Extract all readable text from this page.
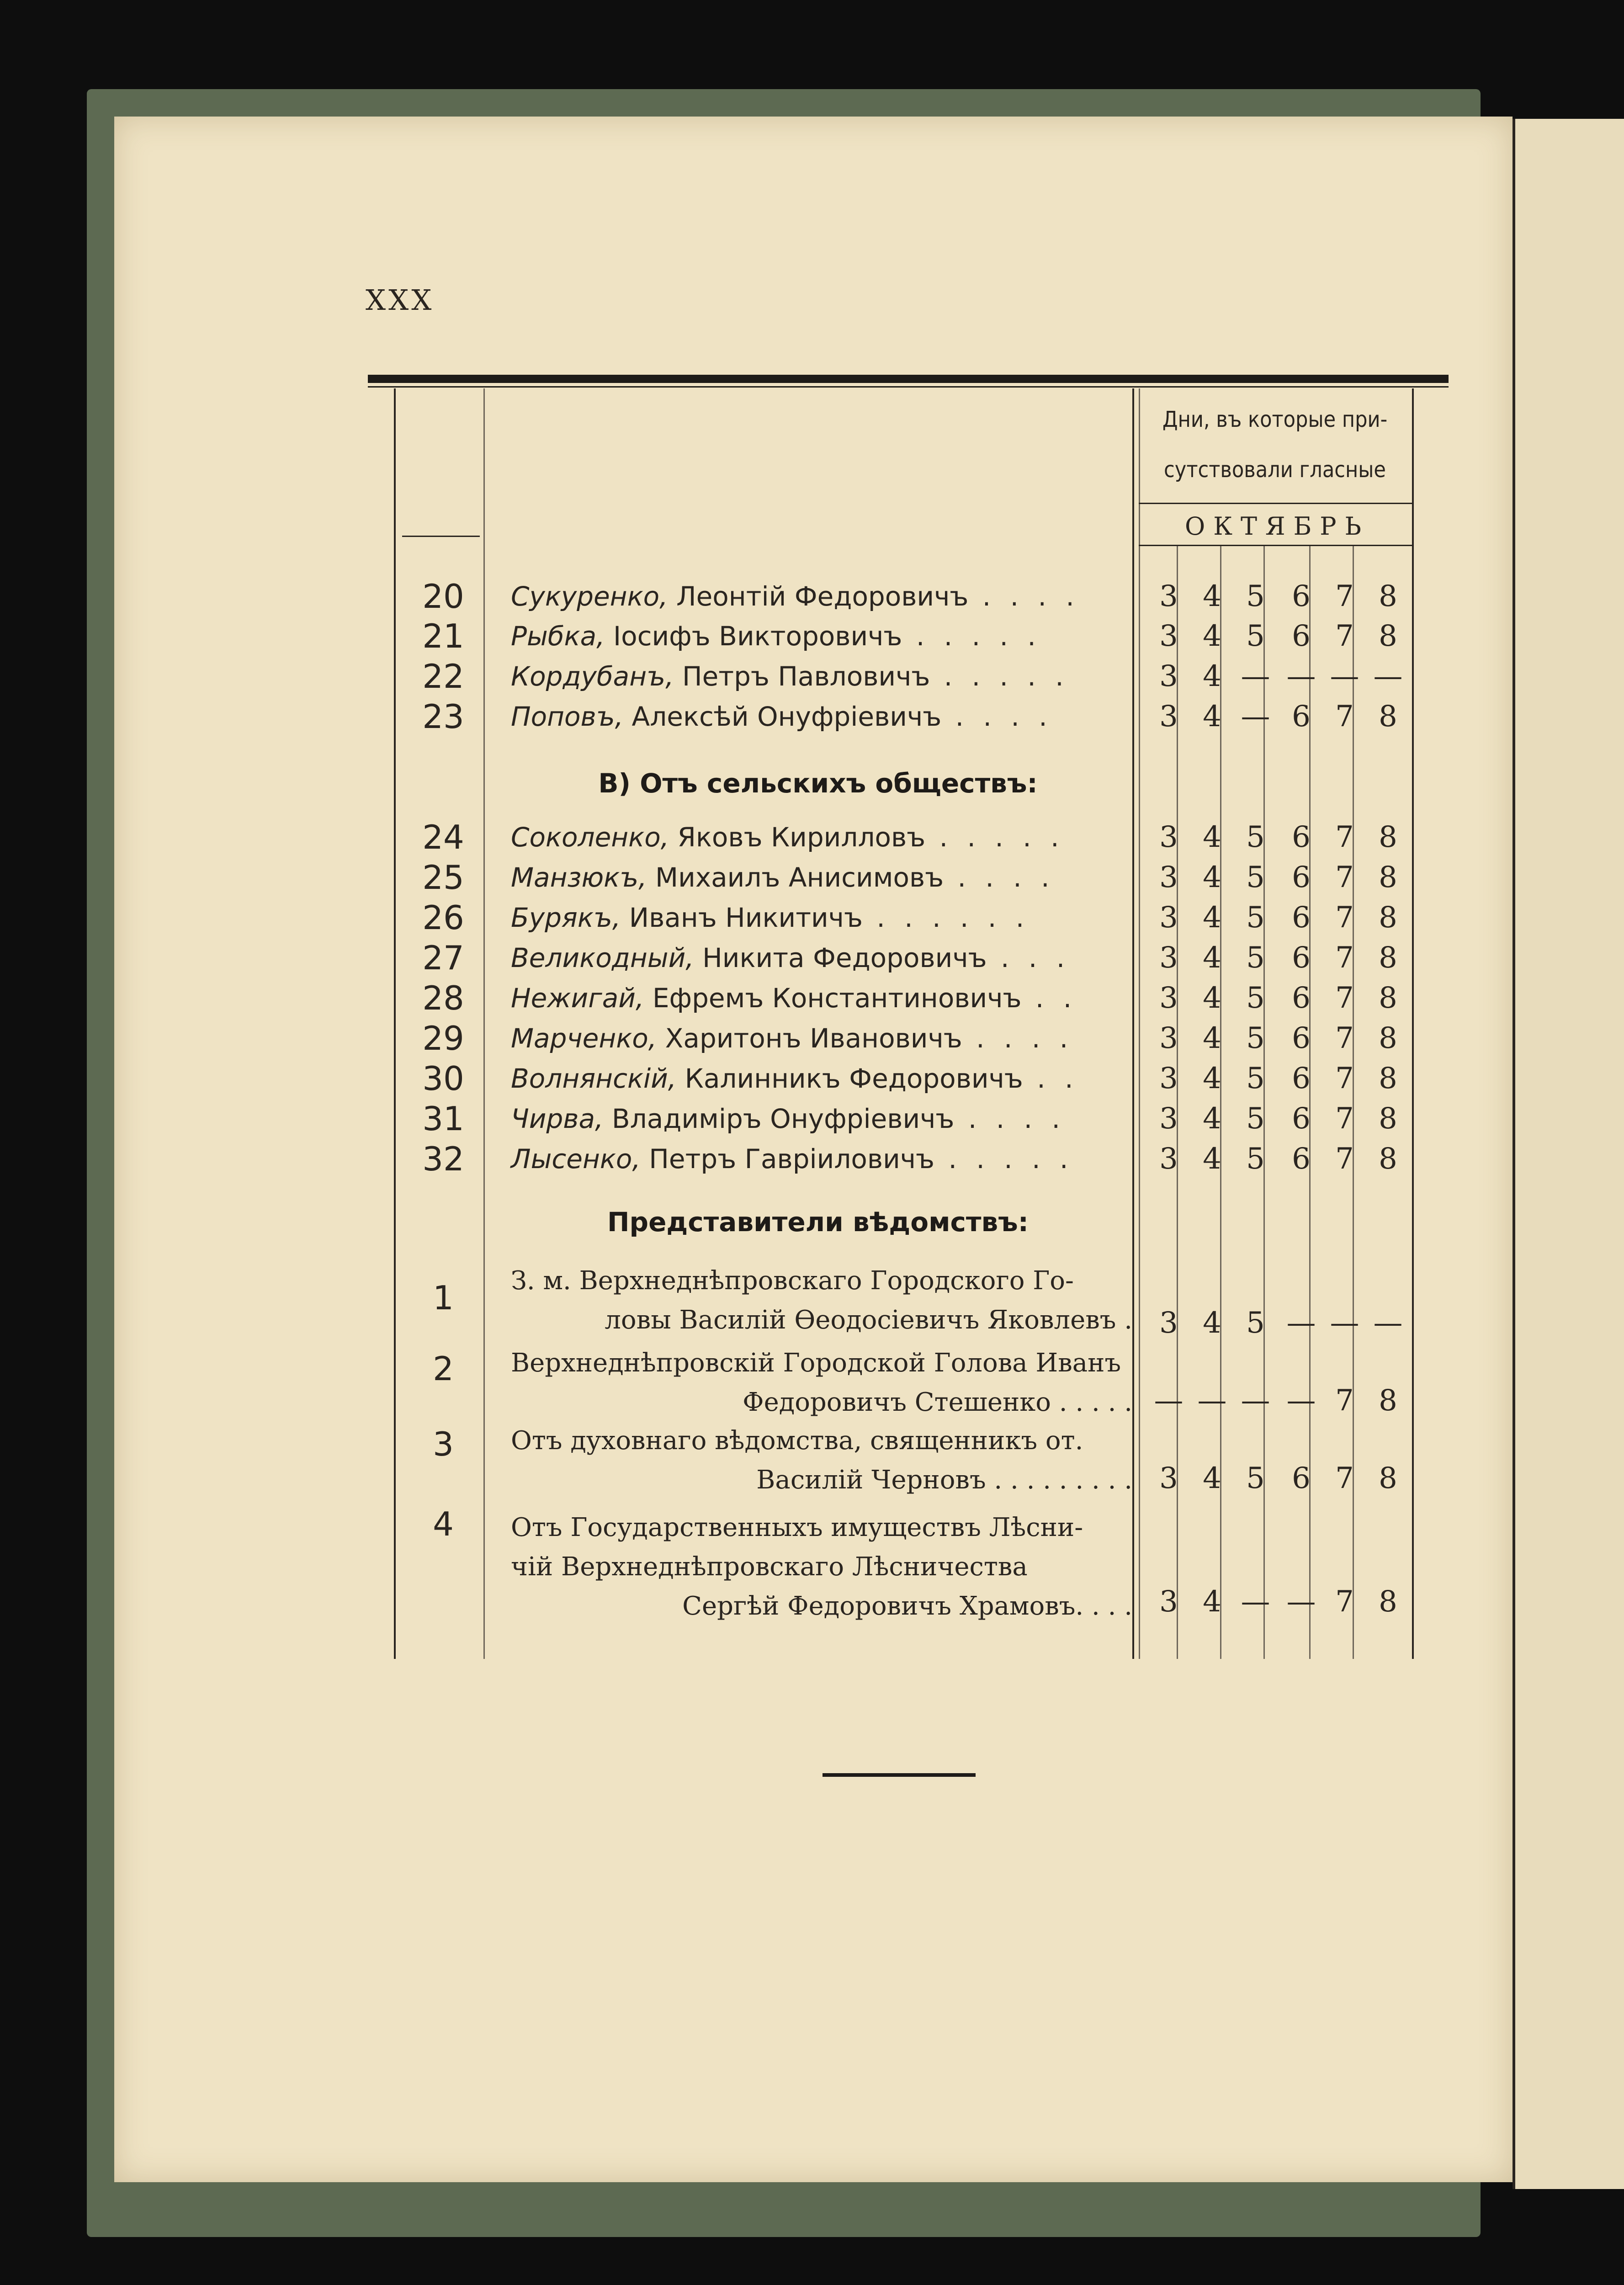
XXX
Дни, въ которые при-
сутствовали гласные
ОКТЯБРЬ
20	Сукуренко, Леонтій Федоровичъ . . . .	3 4 5 6 7 8
21	Рыбка, Іосифъ Викторовичъ . . . . .	3 4 5 6 7 8
22	Кордубанъ, Петръ Павловичъ . . . . .	3 4 — — — —
23	Поповъ, Алексѣй Онуфріевичъ . . . .	3 4 — 6 7 8
В) Отъ сельскихъ обществъ:
24	Соколенко, Яковъ Кирилловъ . . . . .	3 4 5 6 7 8
25	Манзюкъ, Михаилъ Анисимовъ . . . .	3 4 5 6 7 8
26	Бурякъ, Иванъ Никитичъ . . . . . .	3 4 5 6 7 8
27	Великодный, Никита Федоровичъ . . .	3 4 5 6 7 8
28	Нежигай, Ефремъ Константиновичъ . .	3 4 5 6 7 8
29	Марченко, Харитонъ Ивановичъ . . . .	3 4 5 6 7 8
30	Волнянскій, Калинникъ Федоровичъ . .	3 4 5 6 7 8
31	Чирва, Владиміръ Онуфріевичъ . . . .	3 4 5 6 7 8
32	Лысенко, Петръ Гавріиловичъ . . . . .	3 4 5 6 7 8
Представители вѣдомствъ:
1	З. м. Верхнеднѣпровскаго Городского Го-
ловы Василій Ѳеодосіевичъ Яковлевъ . 3 4 5 — — —
2	Верхнеднѣпровскій Городской Голова Иванъ
Федоровичъ Стешенко . . . . . — — — — 7 8
3	Отъ духовнаго вѣдомства, священникъ от.
Василій Черновъ . . . . . . . . . 3 4 5 6 7 8
4	Отъ Государственныхъ имуществъ Лѣсни-
чій Верхнеднѣпровскаго Лѣсничества
Сергѣй Федоровичъ Храмовъ. . . . 3 4 — — 7 8
